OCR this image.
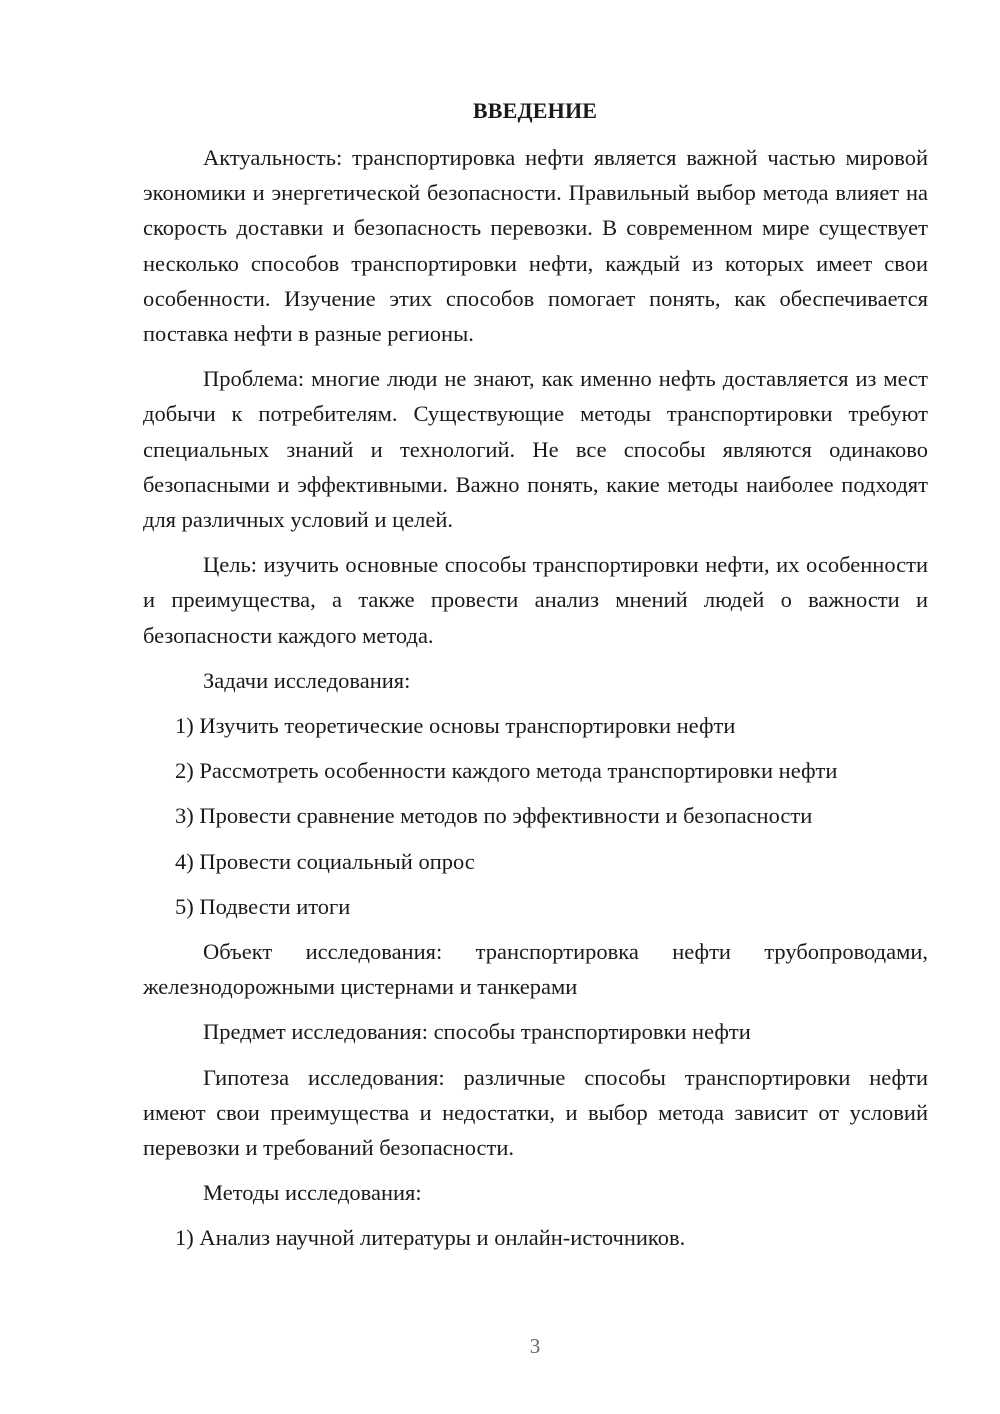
ВВЕДЕНИЕ

Актуальность: транспортировка нефти является важной частью мировой экономики и энергетической безопасности. Правильный выбор метода влияет на скорость доставки и безопасность перевозки. В современном мире существует несколько способов транспортировки нефти, каждый из которых имеет свои особенности. Изучение этих способов помогает понять, как обеспечивается поставка нефти в разные регионы.

Проблема: многие люди не знают, как именно нефть доставляется из мест добычи к потребителям. Существующие методы транспортировки требуют специальных знаний и технологий. Не все способы являются одинаково безопасными и эффективными. Важно понять, какие методы наиболее подходят для различных условий и целей.

Цель: изучить основные способы транспортировки нефти, их особенности и преимущества, а также провести анализ мнений людей о важности и безопасности каждого метода.

Задачи исследования:

1) Изучить теоретические основы транспортировки нефти

2) Рассмотреть особенности каждого метода транспортировки нефти

3) Провести сравнение методов по эффективности и безопасности

4) Провести социальный опрос

5) Подвести итоги

Объект исследования: транспортировка нефти трубопроводами, железнодорожными цистернами и танкерами

Предмет исследования: способы транспортировки нефти

Гипотеза исследования: различные способы транспортировки нефти имеют свои преимущества и недостатки, и выбор метода зависит от условий перевозки и требований безопасности.

Методы исследования:

1) Анализ научной литературы и онлайн-источников.

3
